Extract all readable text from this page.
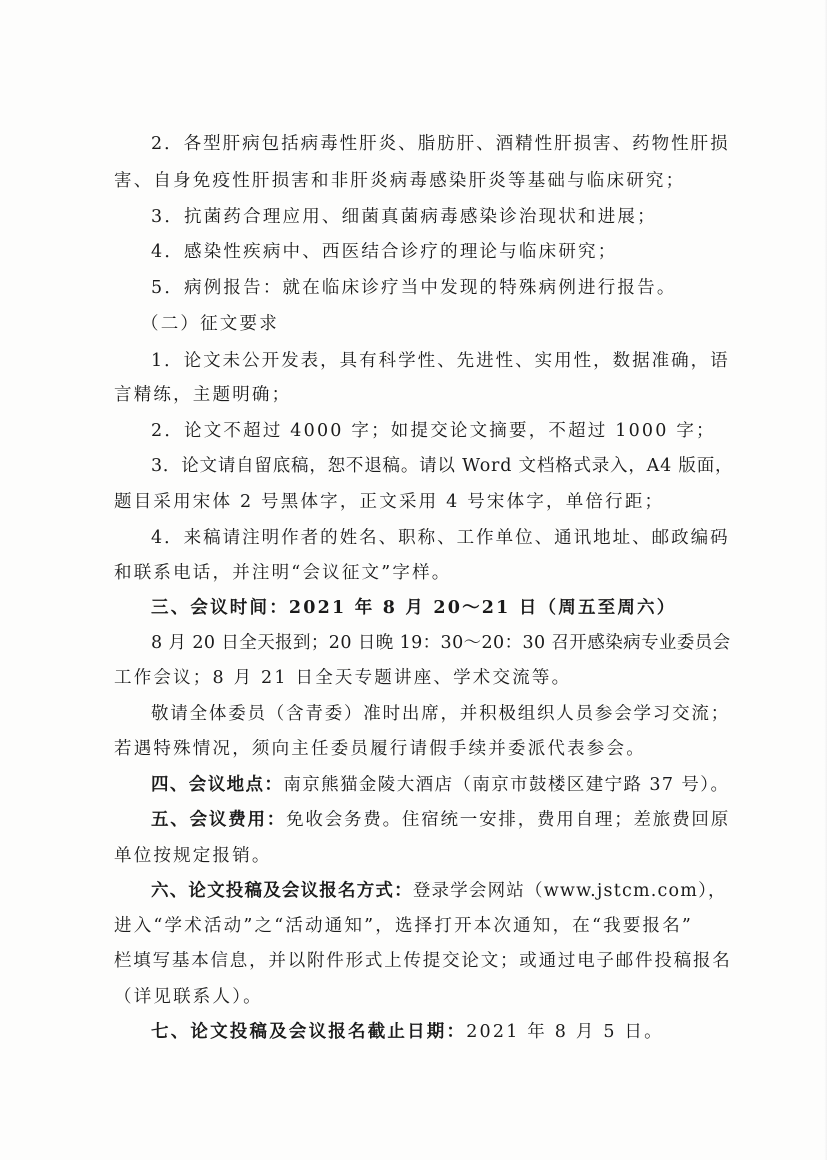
2．各型肝病包括病毒性肝炎、脂肪肝、酒精性肝损害、药物性肝损
害、自身免疫性肝损害和非肝炎病毒感染肝炎等基础与临床研究；
3．抗菌药合理应用、细菌真菌病毒感染诊治现状和进展；
4．感染性疾病中、西医结合诊疗的理论与临床研究；
5．病例报告：就在临床诊疗当中发现的特殊病例进行报告。
（二）征文要求
1．论文未公开发表，具有科学性、先进性、实用性，数据准确，语
言精练，主题明确；
2．论文不超过 4000 字；如提交论文摘要，不超过 1000 字；
3．论文请自留底稿，恕不退稿。请以 Word 文档格式录入，A4 版面，
题目采用宋体 2 号黑体字，正文采用 4 号宋体字，单倍行距；
4．来稿请注明作者的姓名、职称、工作单位、通讯地址、邮政编码
和联系电话，并注明“会议征文”字样。
三、会议时间：2021 年 8 月 20～21 日（周五至周六）
8 月 20 日全天报到；20 日晚 19：30～20：30 召开感染病专业委员会
工作会议；8 月 21 日全天专题讲座、学术交流等。
敬请全体委员（含青委）准时出席，并积极组织人员参会学习交流；
若遇特殊情况，须向主任委员履行请假手续并委派代表参会。
四、会议地点：南京熊猫金陵大酒店（南京市鼓楼区建宁路 37 号）。
五、会议费用：免收会务费。住宿统一安排，费用自理；差旅费回原
单位按规定报销。
六、论文投稿及会议报名方式：登录学会网站（www.jstcm.com），
进入“学术活动”之“活动通知”，选择打开本次通知，在“我要报名”
栏填写基本信息，并以附件形式上传提交论文；或通过电子邮件投稿报名
（详见联系人）。
七、论文投稿及会议报名截止日期：2021 年 8 月 5 日。
